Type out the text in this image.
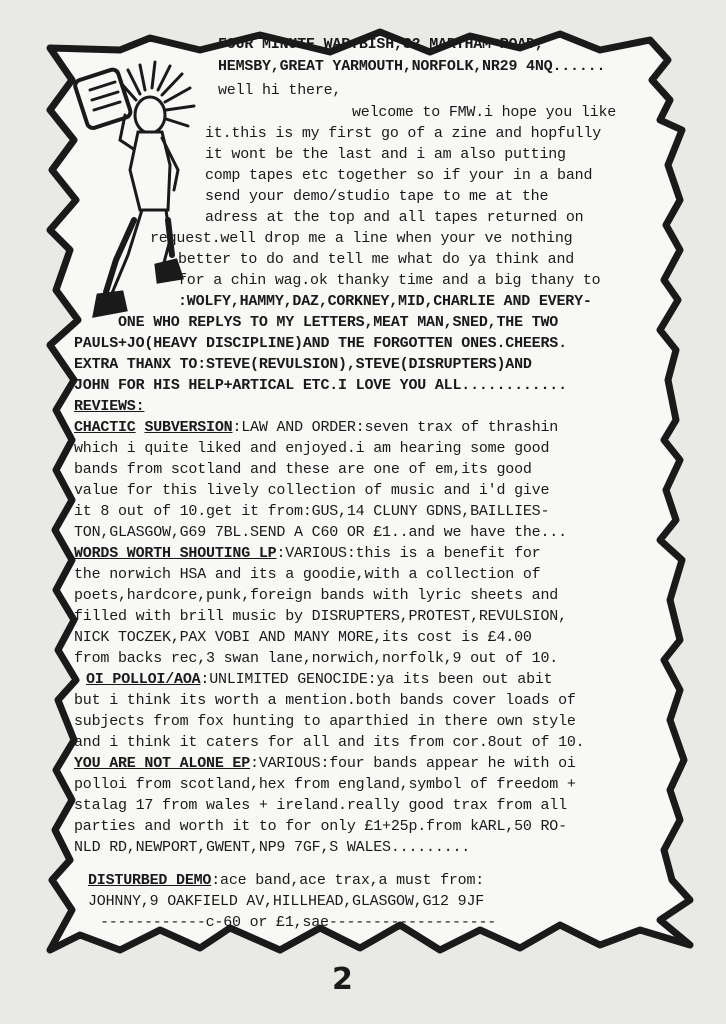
FOUR MINUTE WAR:BISH,32 MARTHAM ROAD,
HEMSBY,GREAT YARMOUTH,NORFOLK,NR29 4NQ......
well hi there,
welcome to FMW.i hope you like
it.this is my first go of a zine and hopfully
it wont be the last and i am also putting
comp tapes etc together so if your in a band
send your demo/studio tape to me at the
adress at the top and all tapes returned on
request.well drop me a line when your ve nothing
better to do and tell me what do ya think and
for a chin wag.ok thanky time and a big thany to
:WOLFY,HAMMY,DAZ,CORKNEY,MID,CHARLIE AND EVERY-
ONE WHO REPLYS TO MY LETTERS,MEAT MAN,SNED,THE TWO
PAULS+JO(HEAVY DISCIPLINE)AND THE FORGOTTEN ONES.CHEERS.
EXTRA THANX TO:STEVE(REVULSION),STEVE(DISRUPTERS)AND
JOHN FOR HIS HELP+ARTICAL ETC.I LOVE YOU ALL............
REVIEWS:
CHACTIC SUBVERSION:LAW AND ORDER:seven trax of thrashin
which i quite liked and enjoyed.i am hearing some good
bands from scotland and these are one of em,its good
value for this lively collection of music and i'd give
it 8 out of 10.get it from:GUS,14 CLUNY GDNS,BAILLIES-
TON,GLASGOW,G69 7BL.SEND A C60 OR £1..and we have the...
WORDS WORTH SHOUTING LP:VARIOUS:this is a benefit for
the norwich HSA and its a goodie,with a collection of
poets,hardcore,punk,foreign bands with lyric sheets and
filled with brill music by DISRUPTERS,PROTEST,REVULSION,
NICK TOCZEK,PAX VOBI AND MANY MORE,its cost is £4.00
from backs rec,3 swan lane,norwich,norfolk,9 out of 10.
OI POLLOI/AOA:UNLIMITED GENOCIDE:ya its been out abit
but i think its worth a mention.both bands cover loads of
subjects from fox hunting to aparthied in there own style
and i think it caters for all and its from cor.8out of 10.
YOU ARE NOT ALONE EP:VARIOUS:four bands appear he with oi
polloi from scotland,hex from england,symbol of freedom +
stalag 17 from wales + ireland.really good trax from all
parties and worth it to for only £1+25p.from kARL,50 RO-
NLD RD,NEWPORT,GWENT,NP9 7GF,S WALES.........
DISTURBED DEMO:ace band,ace trax,a must from:
JOHNNY,9 OAKFIELD AV,HILLHEAD,GLASGOW,G12 9JF
------------c-60 or £1,sae-------------------
2
